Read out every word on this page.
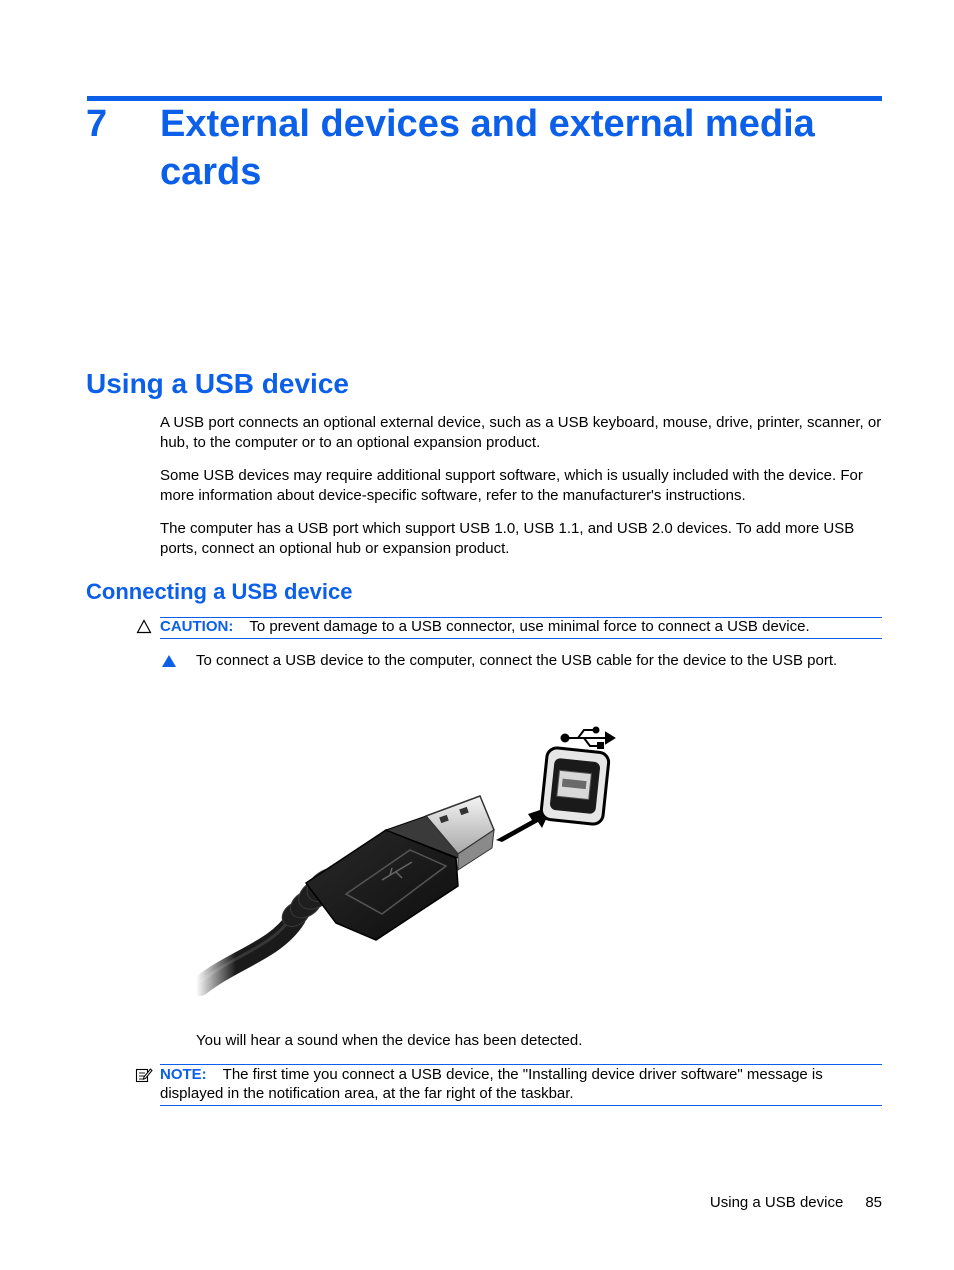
7 External devices and external media cards
Using a USB device
A USB port connects an optional external device, such as a USB keyboard, mouse, drive, printer, scanner, or hub, to the computer or to an optional expansion product.
Some USB devices may require additional support software, which is usually included with the device. For more information about device-specific software, refer to the manufacturer's instructions.
The computer has a USB port which support USB 1.0, USB 1.1, and USB 2.0 devices. To add more USB ports, connect an optional hub or expansion product.
Connecting a USB device
CAUTION: To prevent damage to a USB connector, use minimal force to connect a USB device.
To connect a USB device to the computer, connect the USB cable for the device to the USB port.
You will hear a sound when the device has been detected.
NOTE: The first time you connect a USB device, the "Installing device driver software" message is displayed in the notification area, at the far right of the taskbar.
Using a USB device 85
